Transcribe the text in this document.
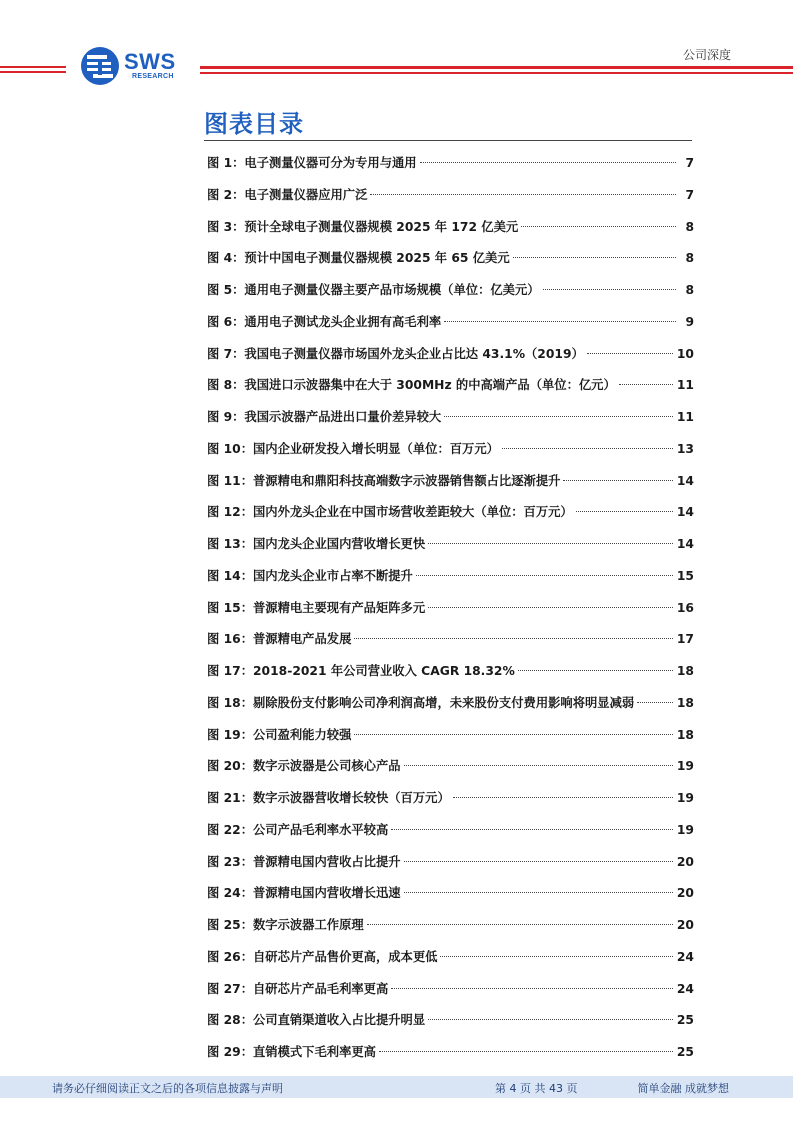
SWS
RESEARCH
公司深度
图表目录
图 1：电子测量仪器可分为专用与通用	7
图 2：电子测量仪器应用广泛	7
图 3：预计全球电子测量仪器规模 2025 年 172 亿美元	8
图 4：预计中国电子测量仪器规模 2025 年 65 亿美元	8
图 5：通用电子测量仪器主要产品市场规模（单位：亿美元）	8
图 6：通用电子测试龙头企业拥有高毛利率	9
图 7：我国电子测量仪器市场国外龙头企业占比达 43.1%（2019）	10
图 8：我国进口示波器集中在大于 300MHz 的中高端产品（单位：亿元）	11
图 9：我国示波器产品进出口量价差异较大	11
图 10：国内企业研发投入增长明显（单位：百万元）	13
图 11：普源精电和鼎阳科技高端数字示波器销售额占比逐渐提升	14
图 12：国内外龙头企业在中国市场营收差距较大（单位：百万元）	14
图 13：国内龙头企业国内营收增长更快	14
图 14：国内龙头企业市占率不断提升	15
图 15：普源精电主要现有产品矩阵多元	16
图 16：普源精电产品发展	17
图 17：2018-2021 年公司营业收入 CAGR 18.32%	18
图 18：剔除股份支付影响公司净利润高增，未来股份支付费用影响将明显减弱	18
图 19：公司盈利能力较强	18
图 20：数字示波器是公司核心产品	19
图 21：数字示波器营收增长较快（百万元）	19
图 22：公司产品毛利率水平较高	19
图 23：普源精电国内营收占比提升	20
图 24：普源精电国内营收增长迅速	20
图 25：数字示波器工作原理	20
图 26：自研芯片产品售价更高，成本更低	24
图 27：自研芯片产品毛利率更高	24
图 28：公司直销渠道收入占比提升明显	25
图 29：直销模式下毛利率更高	25
请务必仔细阅读正文之后的各项信息披露与声明	第 4 页 共 43 页	简单金融 成就梦想
